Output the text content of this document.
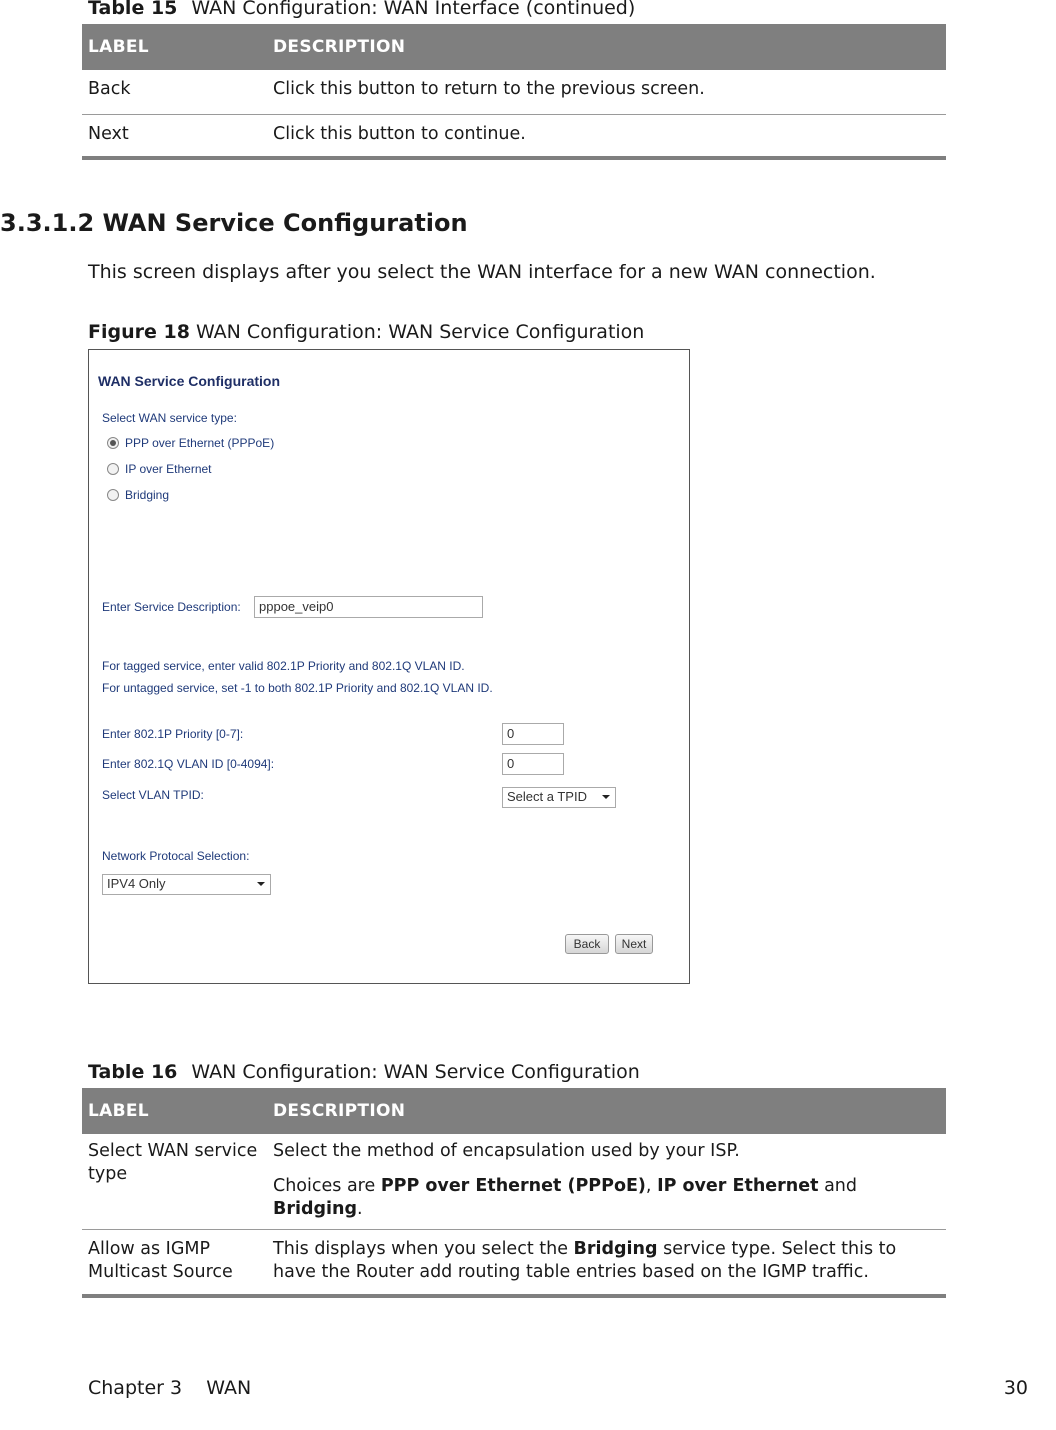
Table 15 WAN Configuration: WAN Interface (continued)
LABEL	DESCRIPTION
Back	Click this button to return to the previous screen.
Next	Click this button to continue.
3.3.1.2 WAN Service Configuration
This screen displays after you select the WAN interface for a new WAN connection.
Figure 18 WAN Configuration: WAN Service Configuration
WAN Service Configuration
Select WAN service type:
PPP over Ethernet (PPPoE)
IP over Ethernet
Bridging
Enter Service Description:	pppoe_veip0
For tagged service, enter valid 802.1P Priority and 802.1Q VLAN ID.
For untagged service, set -1 to both 802.1P Priority and 802.1Q VLAN ID.
Enter 802.1P Priority [0-7]:	0
Enter 802.1Q VLAN ID [0-4094]:	0
Select VLAN TPID:	Select a TPID
Network Protocal Selection:
IPV4 Only
Back	Next
Table 16 WAN Configuration: WAN Service Configuration
LABEL	DESCRIPTION
Select WAN service type	Select the method of encapsulation used by your ISP.
Choices are PPP over Ethernet (PPPoE), IP over Ethernet and Bridging.

Allow as IGMP Multicast Source	This displays when you select the Bridging service type. Select this to have the Router add routing table entries based on the IGMP traffic.
Chapter 3    WAN	30
